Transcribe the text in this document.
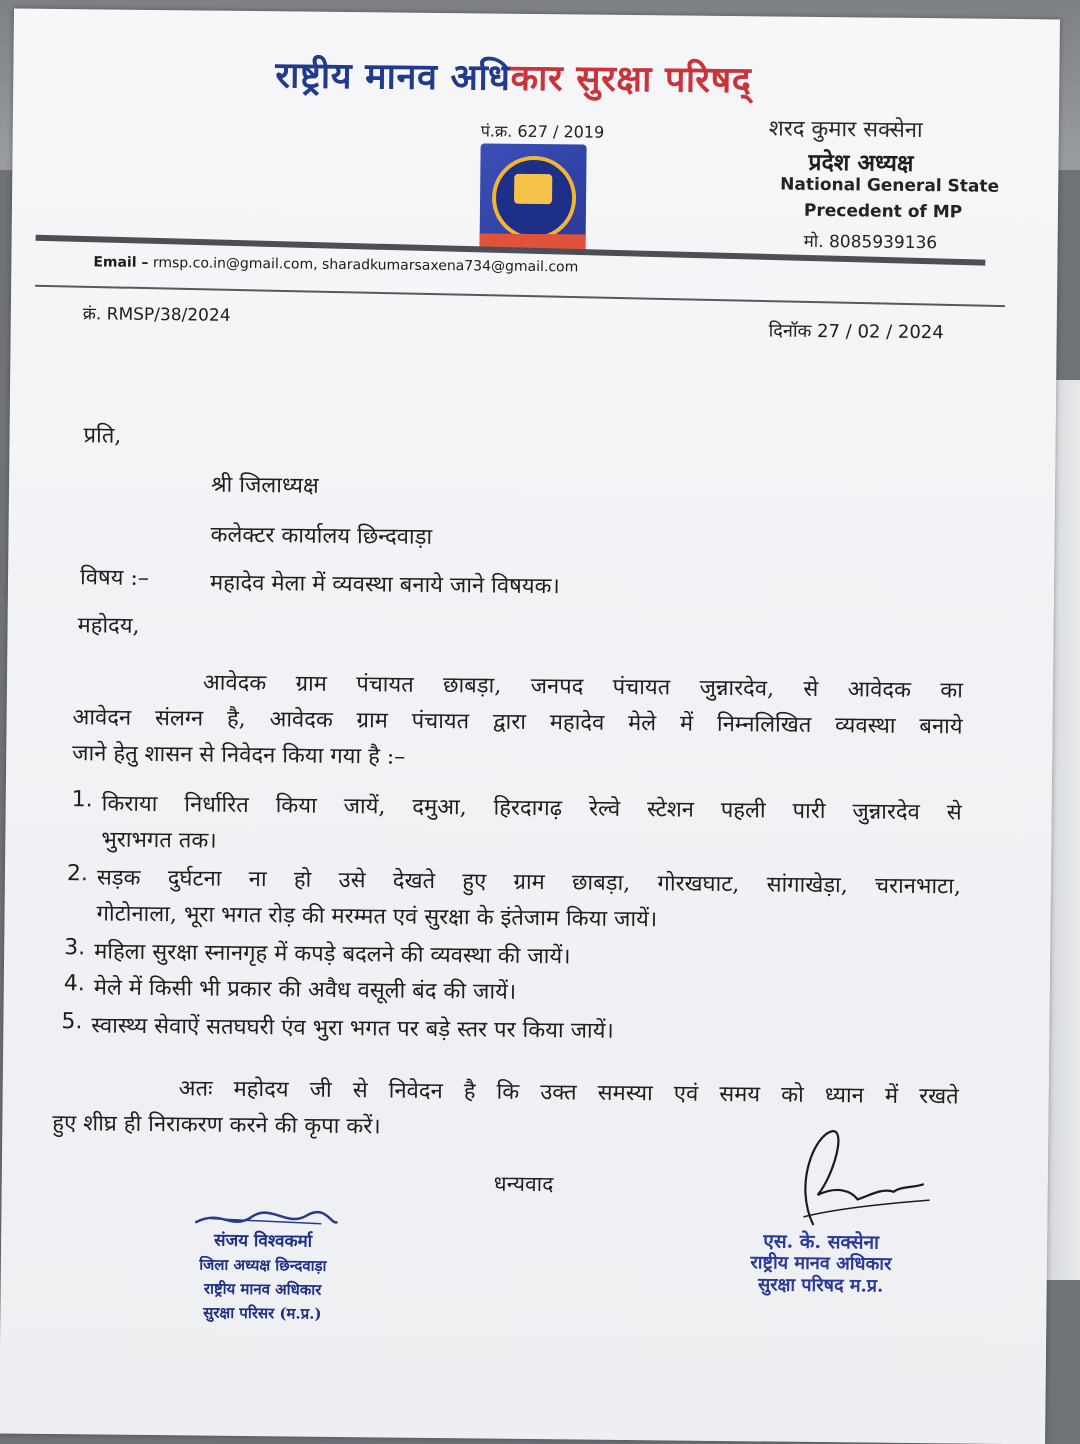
राष्ट्रीय मानव अधिकार सुरक्षा परिषद्
पं.क्र. 627 / 2019	शरद कुमार सक्सेना
प्रदेश अध्यक्ष
National General State
Precedent of MP
मो. 8085939136
Email – rmsp.co.in@gmail.com, sharadkumarsaxena734@gmail.com
क्रं. RMSP/38/2024
दिनॉक 27 / 02 / 2024
प्रति,
श्री जिलाध्यक्ष
कलेक्टर कार्यालय छिन्दवाड़ा
विषय :–	महादेव मेला में व्यवस्था बनाये जाने विषयक।
महोदय,
आवेदक ग्राम पंचायत छाबड़ा, जनपद पंचायत जुन्नारदेव, से आवेदक का
आवेदन संलग्न है, आवेदक ग्राम पंचायत द्वारा महादेव मेले में निम्नलिखित व्यवस्था बनाये
जाने हेतु शासन से निवेदन किया गया है :–
1. किराया निर्धारित किया जायें, दमुआ, हिरदागढ़ रेल्वे स्टेशन पहली पारी जुन्नारदेव से
भुराभगत तक।
2. सड़क दुर्घटना ना हो उसे देखते हुए ग्राम छाबड़ा, गोरखघाट, सांगाखेड़ा, चरानभाटा,
गोटोनाला, भूरा भगत रोड़ की मरम्मत एवं सुरक्षा के इंतेजाम किया जायें।
3. महिला सुरक्षा स्नानगृह में कपड़े बदलने की व्यवस्था की जायें।
4. मेले में किसी भी प्रकार की अवैध वसूली बंद की जायें।
5. स्वास्थ्य सेवाऐं सतघघरी एंव भुरा भगत पर बड़े स्तर पर किया जायें।
अतः महोदय जी से निवेदन है कि उक्त समस्या एवं समय को ध्यान में रखते
हुए शीघ्र ही निराकरण करने की कृपा करें।
धन्यवाद
संजय विश्वकर्मा
जिला अध्यक्ष छिन्दवाड़ा
राष्ट्रीय मानव अधिकार
सुरक्षा परिसर (म.प्र.)
एस. के. सक्सेना
राष्ट्रीय मानव अधिकार
सुरक्षा परिषद म.प्र.
